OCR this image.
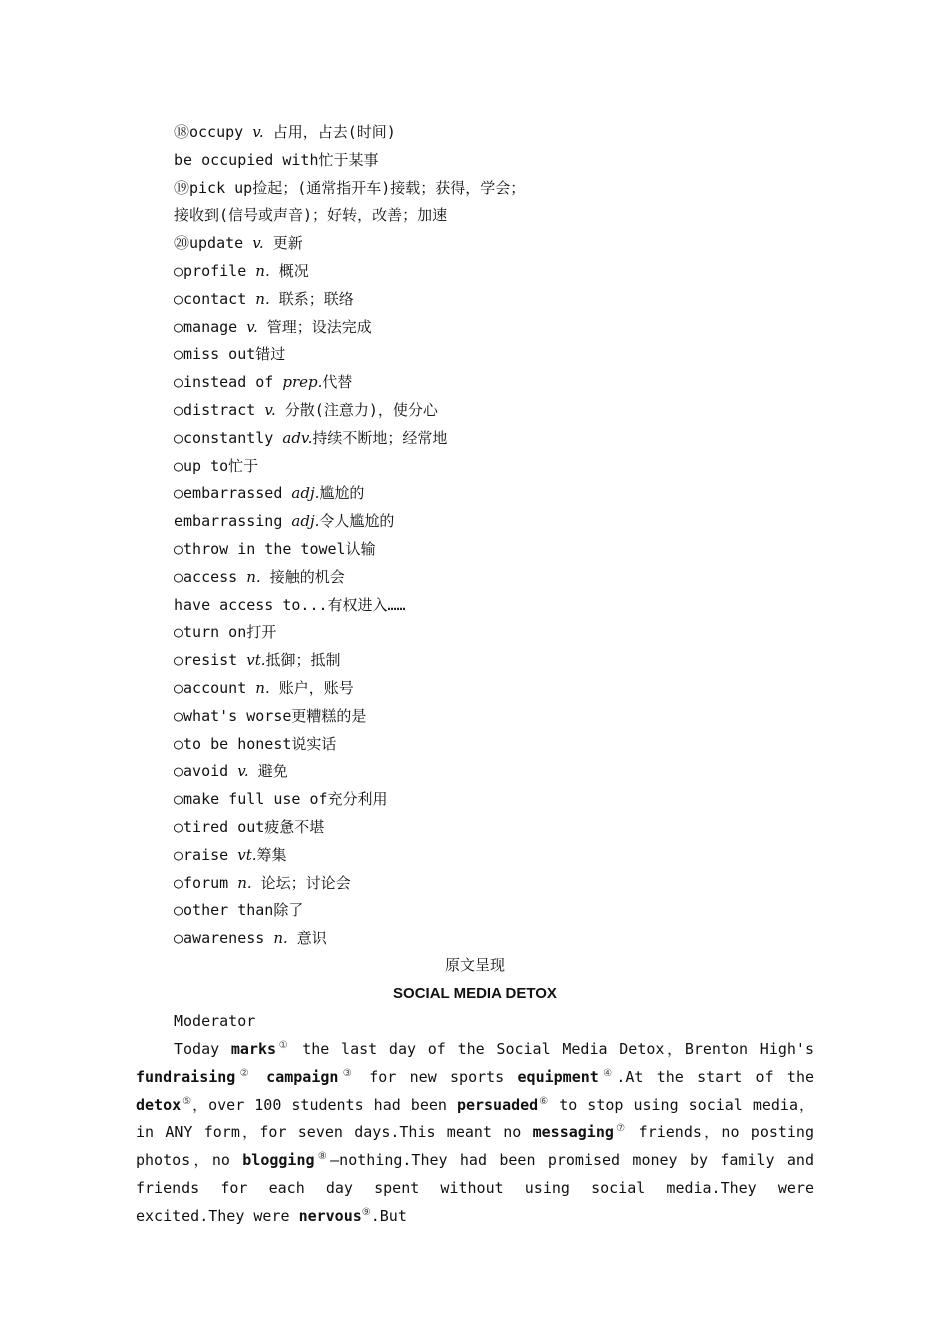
⑱occupy v. 占用，占去(时间)
be occupied with忙于某事
⑲pick up捡起；(通常指开车)接载；获得，学会；
接收到(信号或声音)；好转，改善；加速
⑳update v. 更新
○profile n. 概况
○contact n. 联系；联络
○manage v. 管理；设法完成
○miss out错过
○instead of prep.代替
○distract v. 分散(注意力)，使分心
○constantly adv.持续不断地；经常地
○up to忙于
○embarrassed adj.尴尬的
embarrassing adj.令人尴尬的
○throw in the towel认输
○access n. 接触的机会
have access to...有权进入……
○turn on打开
○resist vt.抵御；抵制
○account n. 账户，账号
○what's worse更糟糕的是
○to be honest说实话
○avoid v. 避免
○make full use of充分利用
○tired out疲惫不堪
○raise vt.筹集
○forum n. 论坛；讨论会
○other than除了
○awareness n. 意识
原文呈现
SOCIAL MEDIA DETOX
Moderator
Today marks① the last day of the Social Media Detox，Brenton High's fundraising② campaign③ for new sports equipment④.At the start of the detox⑤，over 100 students had been persuaded⑥ to stop using social media，in ANY form，for seven days.This meant no messaging⑦ friends，no posting photos，no blogging⑧—nothing.They had been promised money by family and friends for each day spent without using social media.They were excited.They were nervous⑨.But
